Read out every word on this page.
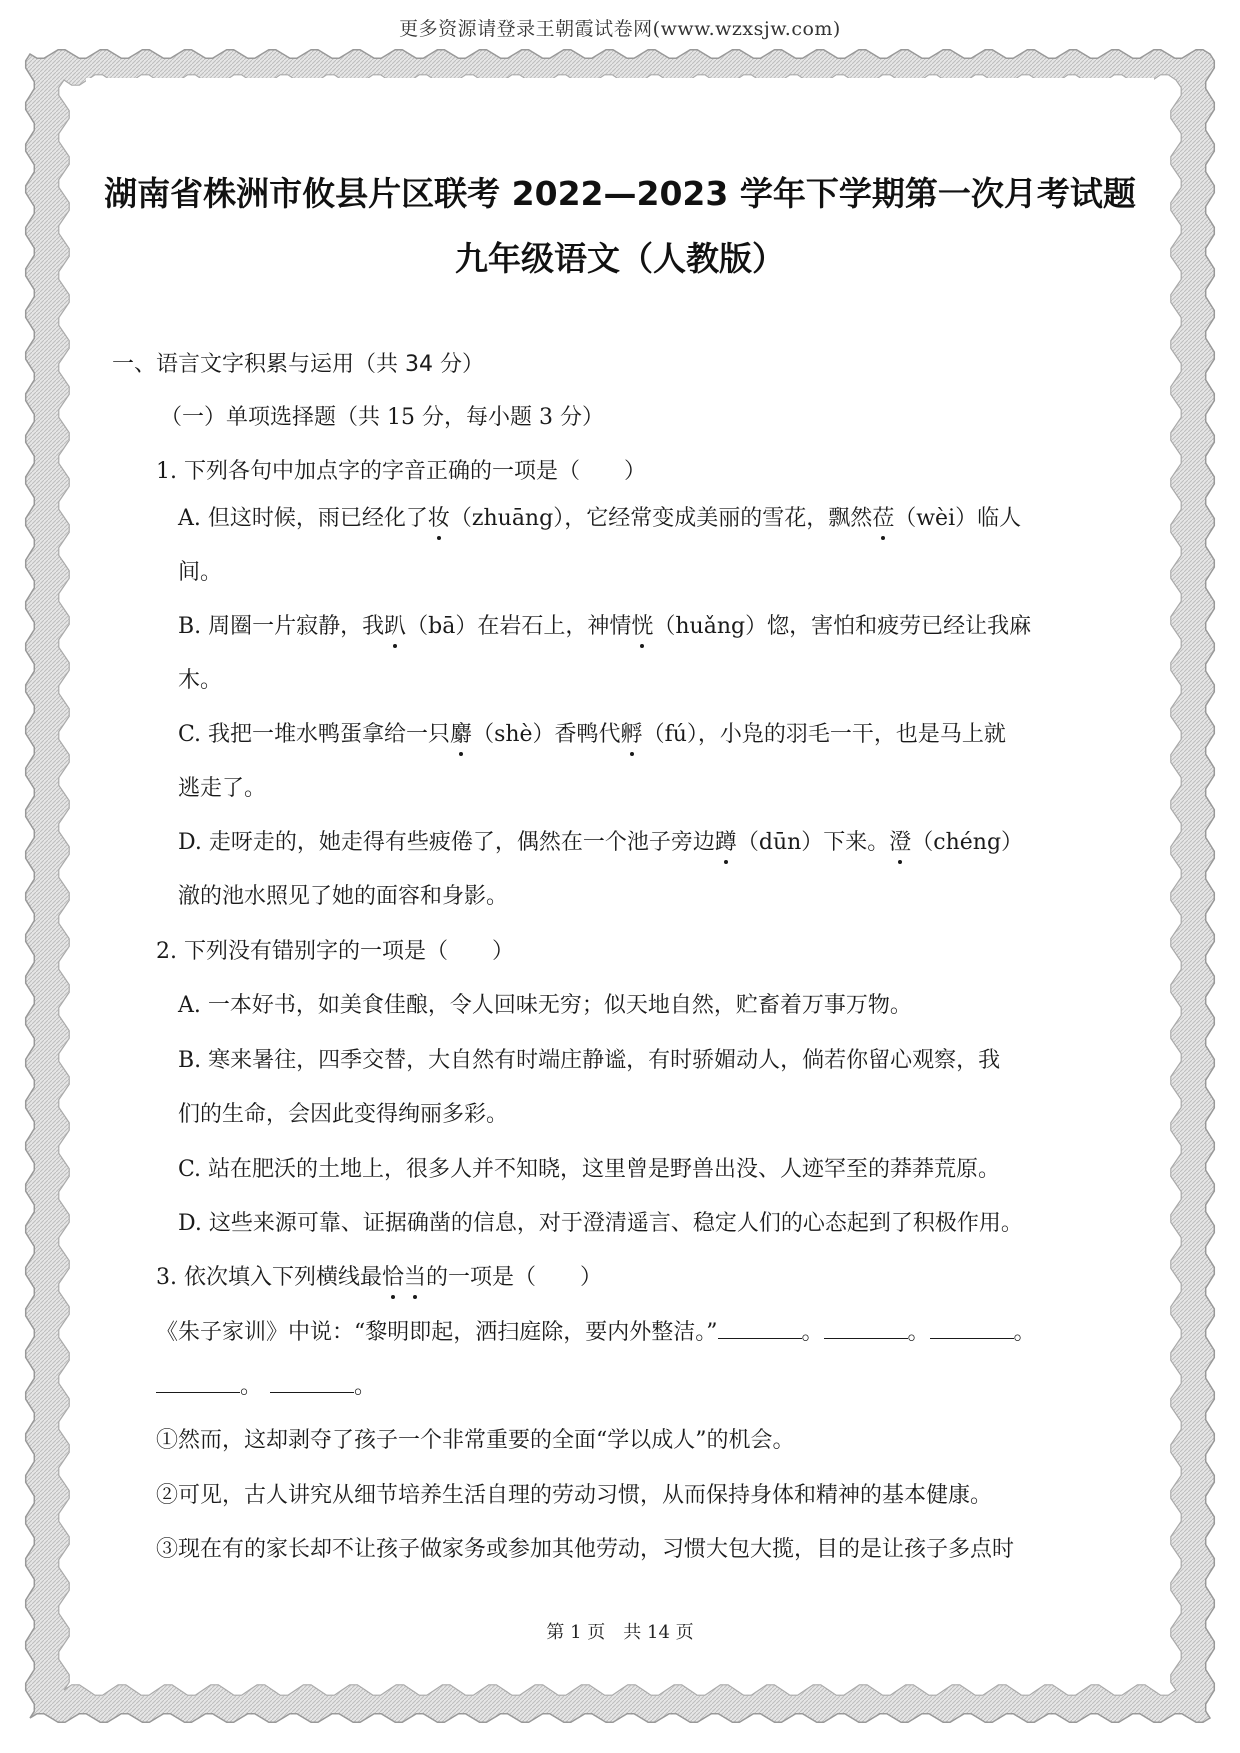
更多资源请登录王朝霞试卷网(www.wzxsjw.com)
湖南省株洲市攸县片区联考 2022—2023 学年下学期第一次月考试题
九年级语文（人教版）
一、语言文字积累与运用（共 34 分）
（一）单项选择题（共 15 分，每小题 3 分）
1. 下列各句中加点字的字音正确的一项是（　　）
A. 但这时候，雨已经化了妆（zhuāng），它经常变成美丽的雪花，飘然莅（wèi）临人
间。
B. 周圈一片寂静，我趴（bā）在岩石上，神情恍（huǎng）惚，害怕和疲劳已经让我麻
木。
C. 我把一堆水鸭蛋拿给一只麝（shè）香鸭代孵（fú），小凫的羽毛一干，也是马上就
逃走了。
D. 走呀走的，她走得有些疲倦了，偶然在一个池子旁边蹲（dūn）下来。澄（chéng）
澈的池水照见了她的面容和身影。
2. 下列没有错别字的一项是（　　）
A. 一本好书，如美食佳酿，令人回味无穷；似天地自然，贮畜着万事万物。
B. 寒来暑往，四季交替，大自然有时端庄静谧，有时骄媚动人，倘若你留心观察，我
们的生命，会因此变得绚丽多彩。
C. 站在肥沃的土地上，很多人并不知晓，这里曾是野兽出没、人迹罕至的莽莽荒原。
D. 这些来源可靠、证据确凿的信息，对于澄清遥言、稳定人们的心态起到了积极作用。
3. 依次填入下列横线最恰当的一项是（　　）
《朱子家训》中说：“黎明即起，洒扫庭除，要内外整洁。”	。	。	。
。	。
①然而，这却剥夺了孩子一个非常重要的全面“学以成人”的机会。
②可见，古人讲究从细节培养生活自理的劳动习惯，从而保持身体和精神的基本健康。
③现在有的家长却不让孩子做家务或参加其他劳动，习惯大包大揽，目的是让孩子多点时
第 1 页　共 14 页
